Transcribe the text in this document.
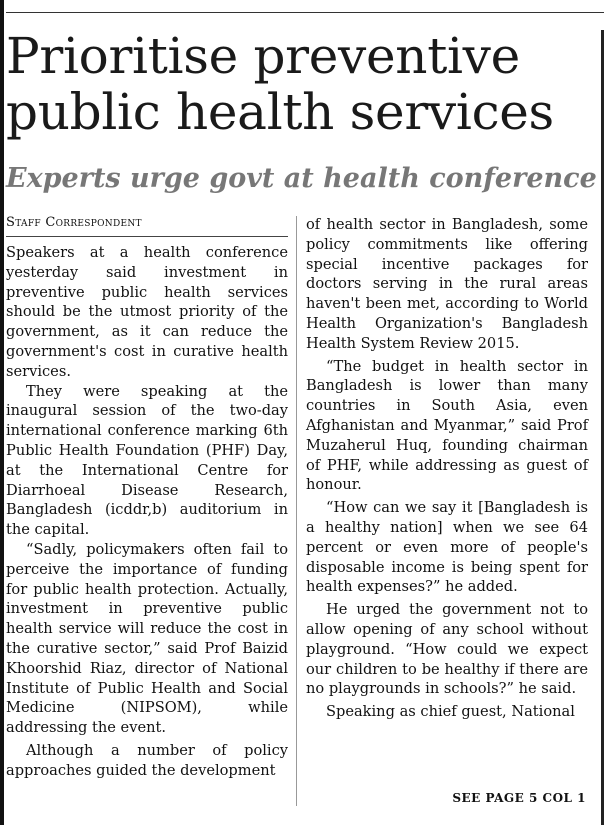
Prioritise preventive public health services
Experts urge govt at health conference
Staff Correspondent

Speakers at a health conference yesterday said investment in preventive public health services should be the utmost priority of the government, as it can reduce the government's cost in curative health services.

They were speaking at the inaugural session of the two-day international conference marking 6th Public Health Foundation (PHF) Day, at the International Centre for Diarrhoeal Disease Research, Bangladesh (icddr,b) auditorium in the capital.

“Sadly, policymakers often fail to perceive the importance of funding for public health protection. Actually, investment in preventive public health service will reduce the cost in the curative sector,” said Prof Baizid Khoorshid Riaz, director of National Institute of Public Health and Social Medicine (NIPSOM), while addressing the event.

Although a number of policy approaches guided the development

of health sector in Bangladesh, some policy commitments like offering special incentive packages for doctors serving in the rural areas haven't been met, according to World Health Organization's Bangladesh Health System Review 2015.

“The budget in health sector in Bangladesh is lower than many countries in South Asia, even Afghanistan and Myanmar,” said Prof Muzaherul Huq, founding chairman of PHF, while addressing as guest of honour.

“How can we say it [Bangladesh is a healthy nation] when we see 64 percent or even more of people's disposable income is being spent for health expenses?” he added.

He urged the government not to allow opening of any school without playground. “How could we expect our children to be healthy if there are no playgrounds in schools?” he said.

Speaking as chief guest, National

SEE PAGE 5 COL 1
